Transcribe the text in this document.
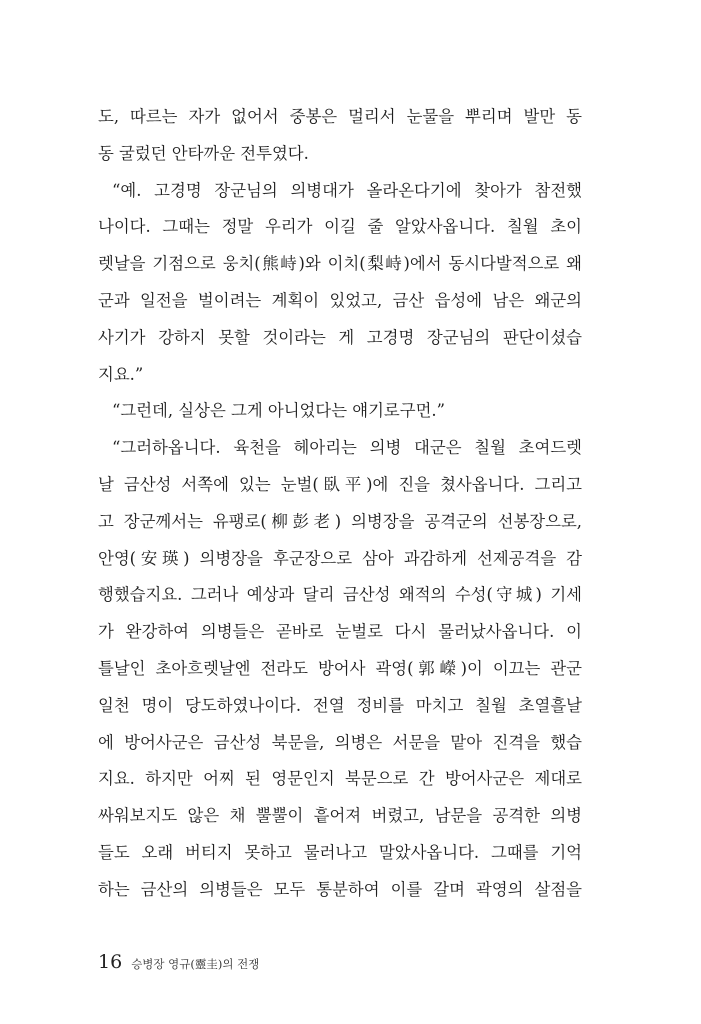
도, 따르는 자가 없어서 중봉은 멀리서 눈물을 뿌리며 발만 동
동 굴렀던 안타까운 전투였다.
“예. 고경명 장군님의 의병대가 올라온다기에 찾아가 참전했
나이다. 그때는 정말 우리가 이길 줄 알았사옵니다. 칠월 초이
렛날을 기점으로 웅치(熊峙)와 이치(梨峙)에서 동시다발적으로 왜
군과 일전을 벌이려는 계획이 있었고, 금산 읍성에 남은 왜군의
사기가 강하지 못할 것이라는 게 고경명 장군님의 판단이셨습
지요.”
“그런데, 실상은 그게 아니었다는 얘기로구먼.”
“그러하옵니다. 육천을 헤아리는 의병 대군은 칠월 초여드렛
날 금산성 서쪽에 있는 눈벌(臥平)에 진을 쳤사옵니다. 그리고
고 장군께서는 유팽로(柳彭老) 의병장을 공격군의 선봉장으로,
안영(安瑛) 의병장을 후군장으로 삼아 과감하게 선제공격을 감
행했습지요. 그러나 예상과 달리 금산성 왜적의 수성(守城) 기세
가 완강하여 의병들은 곧바로 눈벌로 다시 물러났사옵니다. 이
틀날인 초아흐렛날엔 전라도 방어사 곽영(郭嶸)이 이끄는 관군
일천 명이 당도하였나이다. 전열 정비를 마치고 칠월 초열흘날
에 방어사군은 금산성 북문을, 의병은 서문을 맡아 진격을 했습
지요. 하지만 어찌 된 영문인지 북문으로 간 방어사군은 제대로
싸워보지도 않은 채 뿔뿔이 흩어져 버렸고, 남문을 공격한 의병
들도 오래 버티지 못하고 물러나고 말았사옵니다. 그때를 기억
하는 금산의 의병들은 모두 통분하여 이를 갈며 곽영의 살점을
16 승병장 영규(靈圭)의 전쟁
